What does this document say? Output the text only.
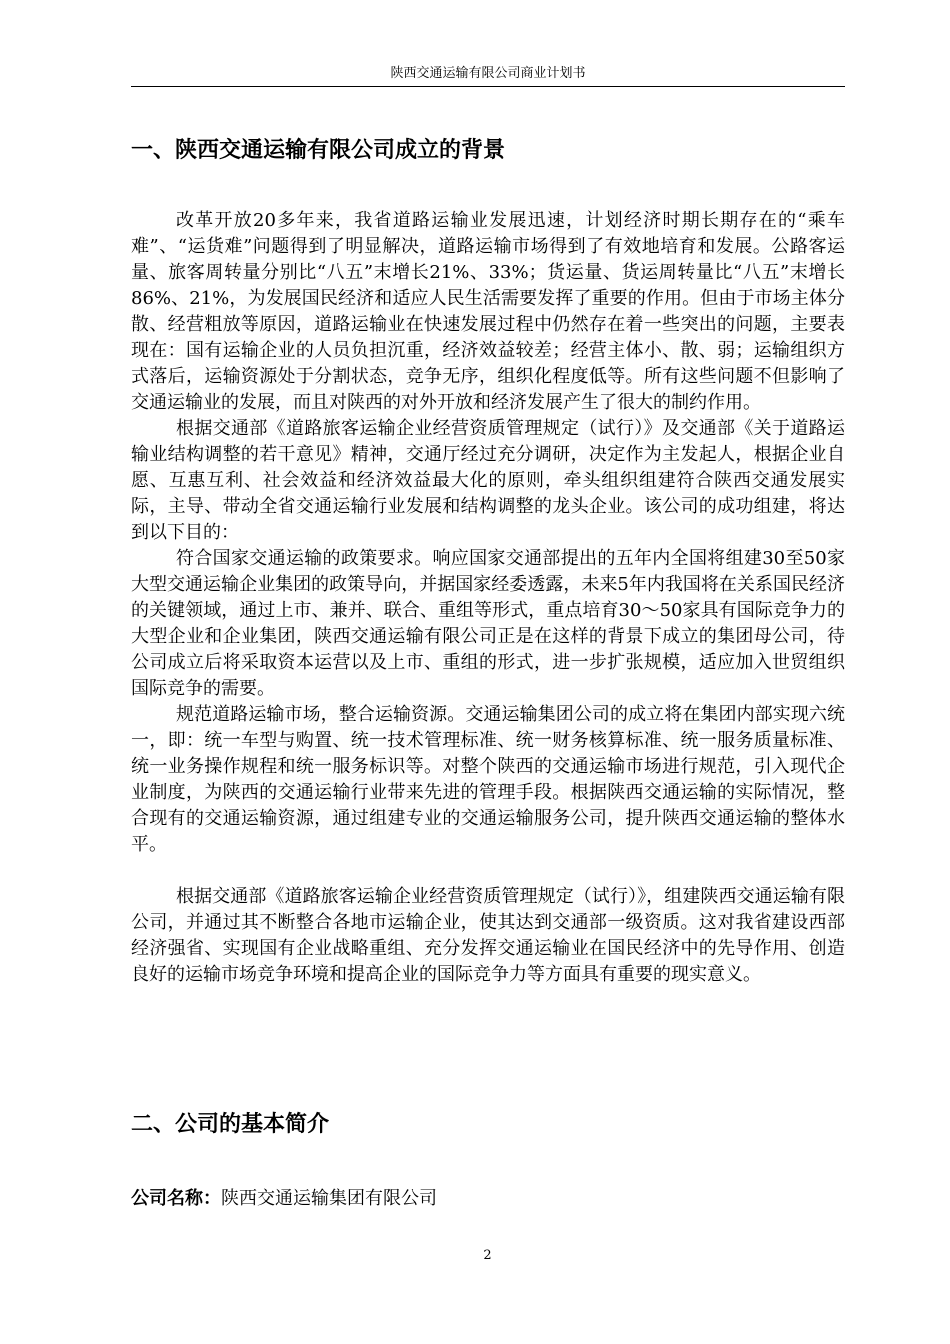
陕西交通运输有限公司商业计划书
一、陕西交通运输有限公司成立的背景

改革开放20多年来，我省道路运输业发展迅速，计划经济时期长期存在的“乘车难”、“运货难”问题得到了明显解决，道路运输市场得到了有效地培育和发展。公路客运量、旅客周转量分别比“八五”末增长21%、33%；货运量、货运周转量比“八五”末增长86%、21%，为发展国民经济和适应人民生活需要发挥了重要的作用。但由于市场主体分散、经营粗放等原因，道路运输业在快速发展过程中仍然存在着一些突出的问题，主要表现在：国有运输企业的人员负担沉重，经济效益较差；经营主体小、散、弱；运输组织方式落后，运输资源处于分割状态，竞争无序，组织化程度低等。所有这些问题不但影响了交通运输业的发展，而且对陕西的对外开放和经济发展产生了很大的制约作用。

根据交通部《道路旅客运输企业经营资质管理规定（试行）》及交通部《关于道路运输业结构调整的若干意见》精神，交通厅经过充分调研，决定作为主发起人，根据企业自愿、互惠互利、社会效益和经济效益最大化的原则，牵头组织组建符合陕西交通发展实际，主导、带动全省交通运输行业发展和结构调整的龙头企业。该公司的成功组建，将达到以下目的：

符合国家交通运输的政策要求。响应国家交通部提出的五年内全国将组建30至50家大型交通运输企业集团的政策导向，并据国家经委透露，未来5年内我国将在关系国民经济的关键领域，通过上市、兼并、联合、重组等形式，重点培育30～50家具有国际竞争力的大型企业和企业集团，陕西交通运输有限公司正是在这样的背景下成立的集团母公司，待公司成立后将采取资本运营以及上市、重组的形式，进一步扩张规模，适应加入世贸组织国际竞争的需要。

规范道路运输市场，整合运输资源。交通运输集团公司的成立将在集团内部实现六统一，即：统一车型与购置、统一技术管理标准、统一财务核算标准、统一服务质量标准、统一业务操作规程和统一服务标识等。对整个陕西的交通运输市场进行规范，引入现代企业制度，为陕西的交通运输行业带来先进的管理手段。根据陕西交通运输的实际情况，整合现有的交通运输资源，通过组建专业的交通运输服务公司，提升陕西交通运输的整体水平。

根据交通部《道路旅客运输企业经营资质管理规定（试行）》，组建陕西交通运输有限公司，并通过其不断整合各地市运输企业，使其达到交通部一级资质。这对我省建设西部经济强省、实现国有企业战略重组、充分发挥交通运输业在国民经济中的先导作用、创造良好的运输市场竞争环境和提高企业的国际竞争力等方面具有重要的现实意义。

二、公司的基本简介
公司名称：陕西交通运输集团有限公司
2
